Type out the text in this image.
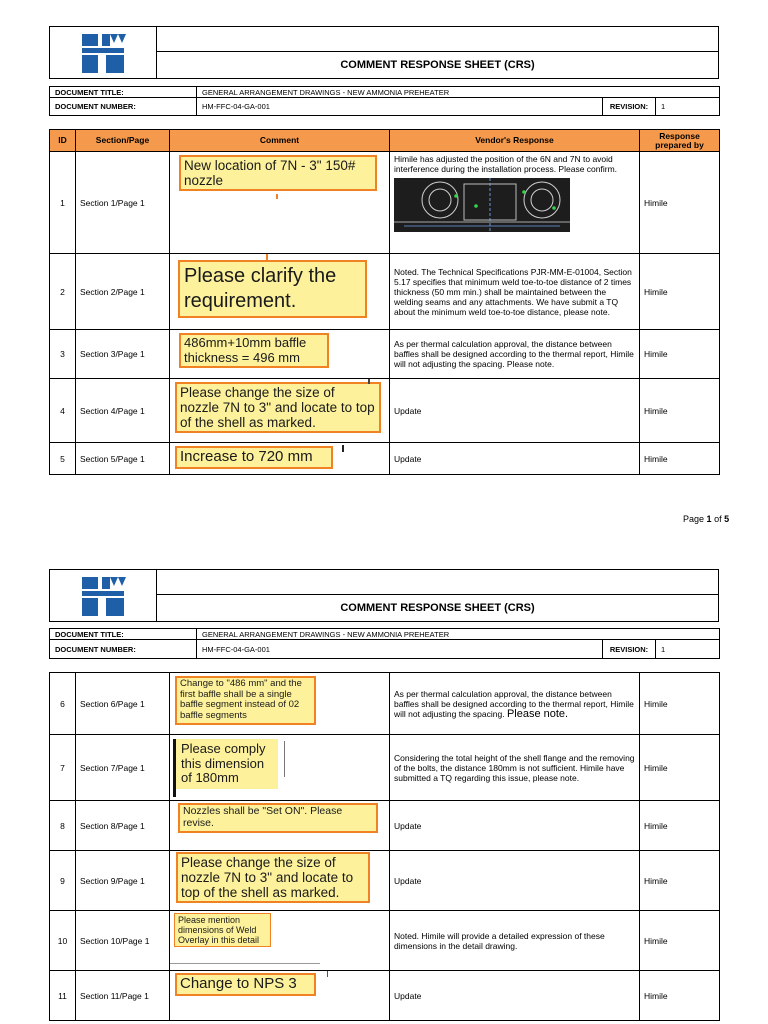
COMMENT RESPONSE SHEET (CRS)
DOCUMENT TITLE:	GENERAL ARRANGEMENT DRAWINGS - NEW AMMONIA PREHEATER		
DOCUMENT NUMBER:	HM-FFC-04-GA-001	REVISION:	1
ID	Section/Page	Comment	Vendor's Response	Response prepared by
1	Section 1/Page 1	New location of 7N - 3" 150# nozzle	Himile has adjusted the position of the 6N and 7N to avoid interference during the installation process. Please confirm.	Himile
2	Section 2/Page 1	Please clarify the requirement.	Noted. The Technical Specifications PJR-MM-E-01004, Section 5.17 specifies that minimum weld toe-to-toe distance of 2 times thickness (50 mm min.) shall be maintained between the welding seams and any attachments. We have submit a TQ about the minimum weld toe-to-toe distance, please note.	Himile
3	Section 3/Page 1	486mm+10mm baffle thickness = 496 mm	As per thermal calculation approval, the distance between baffles shall be designed according to the thermal report, Himile will not adjusting the spacing. Please note.	Himile
4	Section 4/Page 1	Please change the size of nozzle 7N to 3" and locate to top of the shell as marked.	Update	Himile
5	Section 5/Page 1	Increase to 720 mm	Update	Himile
Page 1 of 5

COMMENT RESPONSE SHEET (CRS)
DOCUMENT TITLE:	GENERAL ARRANGEMENT DRAWINGS - NEW AMMONIA PREHEATER		
DOCUMENT NUMBER:	HM-FFC-04-GA-001	REVISION:	1
6	Section 6/Page 1	Change to "486 mm" and the first baffle shall be a single baffle segment instead of 02 baffle segments	As per thermal calculation approval, the distance between baffles shall be designed according to the thermal report, Himile will not adjusting the spacing. Please note.	Himile
7	Section 7/Page 1	Please comply this dimension of 180mm	Considering the total height of the shell flange and the removing of the bolts, the distance 180mm is not sufficient. Himile have submitted a TQ regarding this issue, please note.	Himile
8	Section 8/Page 1	Nozzles shall be "Set ON". Please revise.	Update	Himile
9	Section 9/Page 1	Please change the size of nozzle 7N to 3" and locate to top of the shell as marked.	Update	Himile
10	Section 10/Page 1	Please mention dimensions of Weld Overlay in this detail	Noted. Himile will provide a detailed expression of these dimensions in the detail drawing.	Himile
11	Section 11/Page 1	Change to NPS 3	Update	Himile
